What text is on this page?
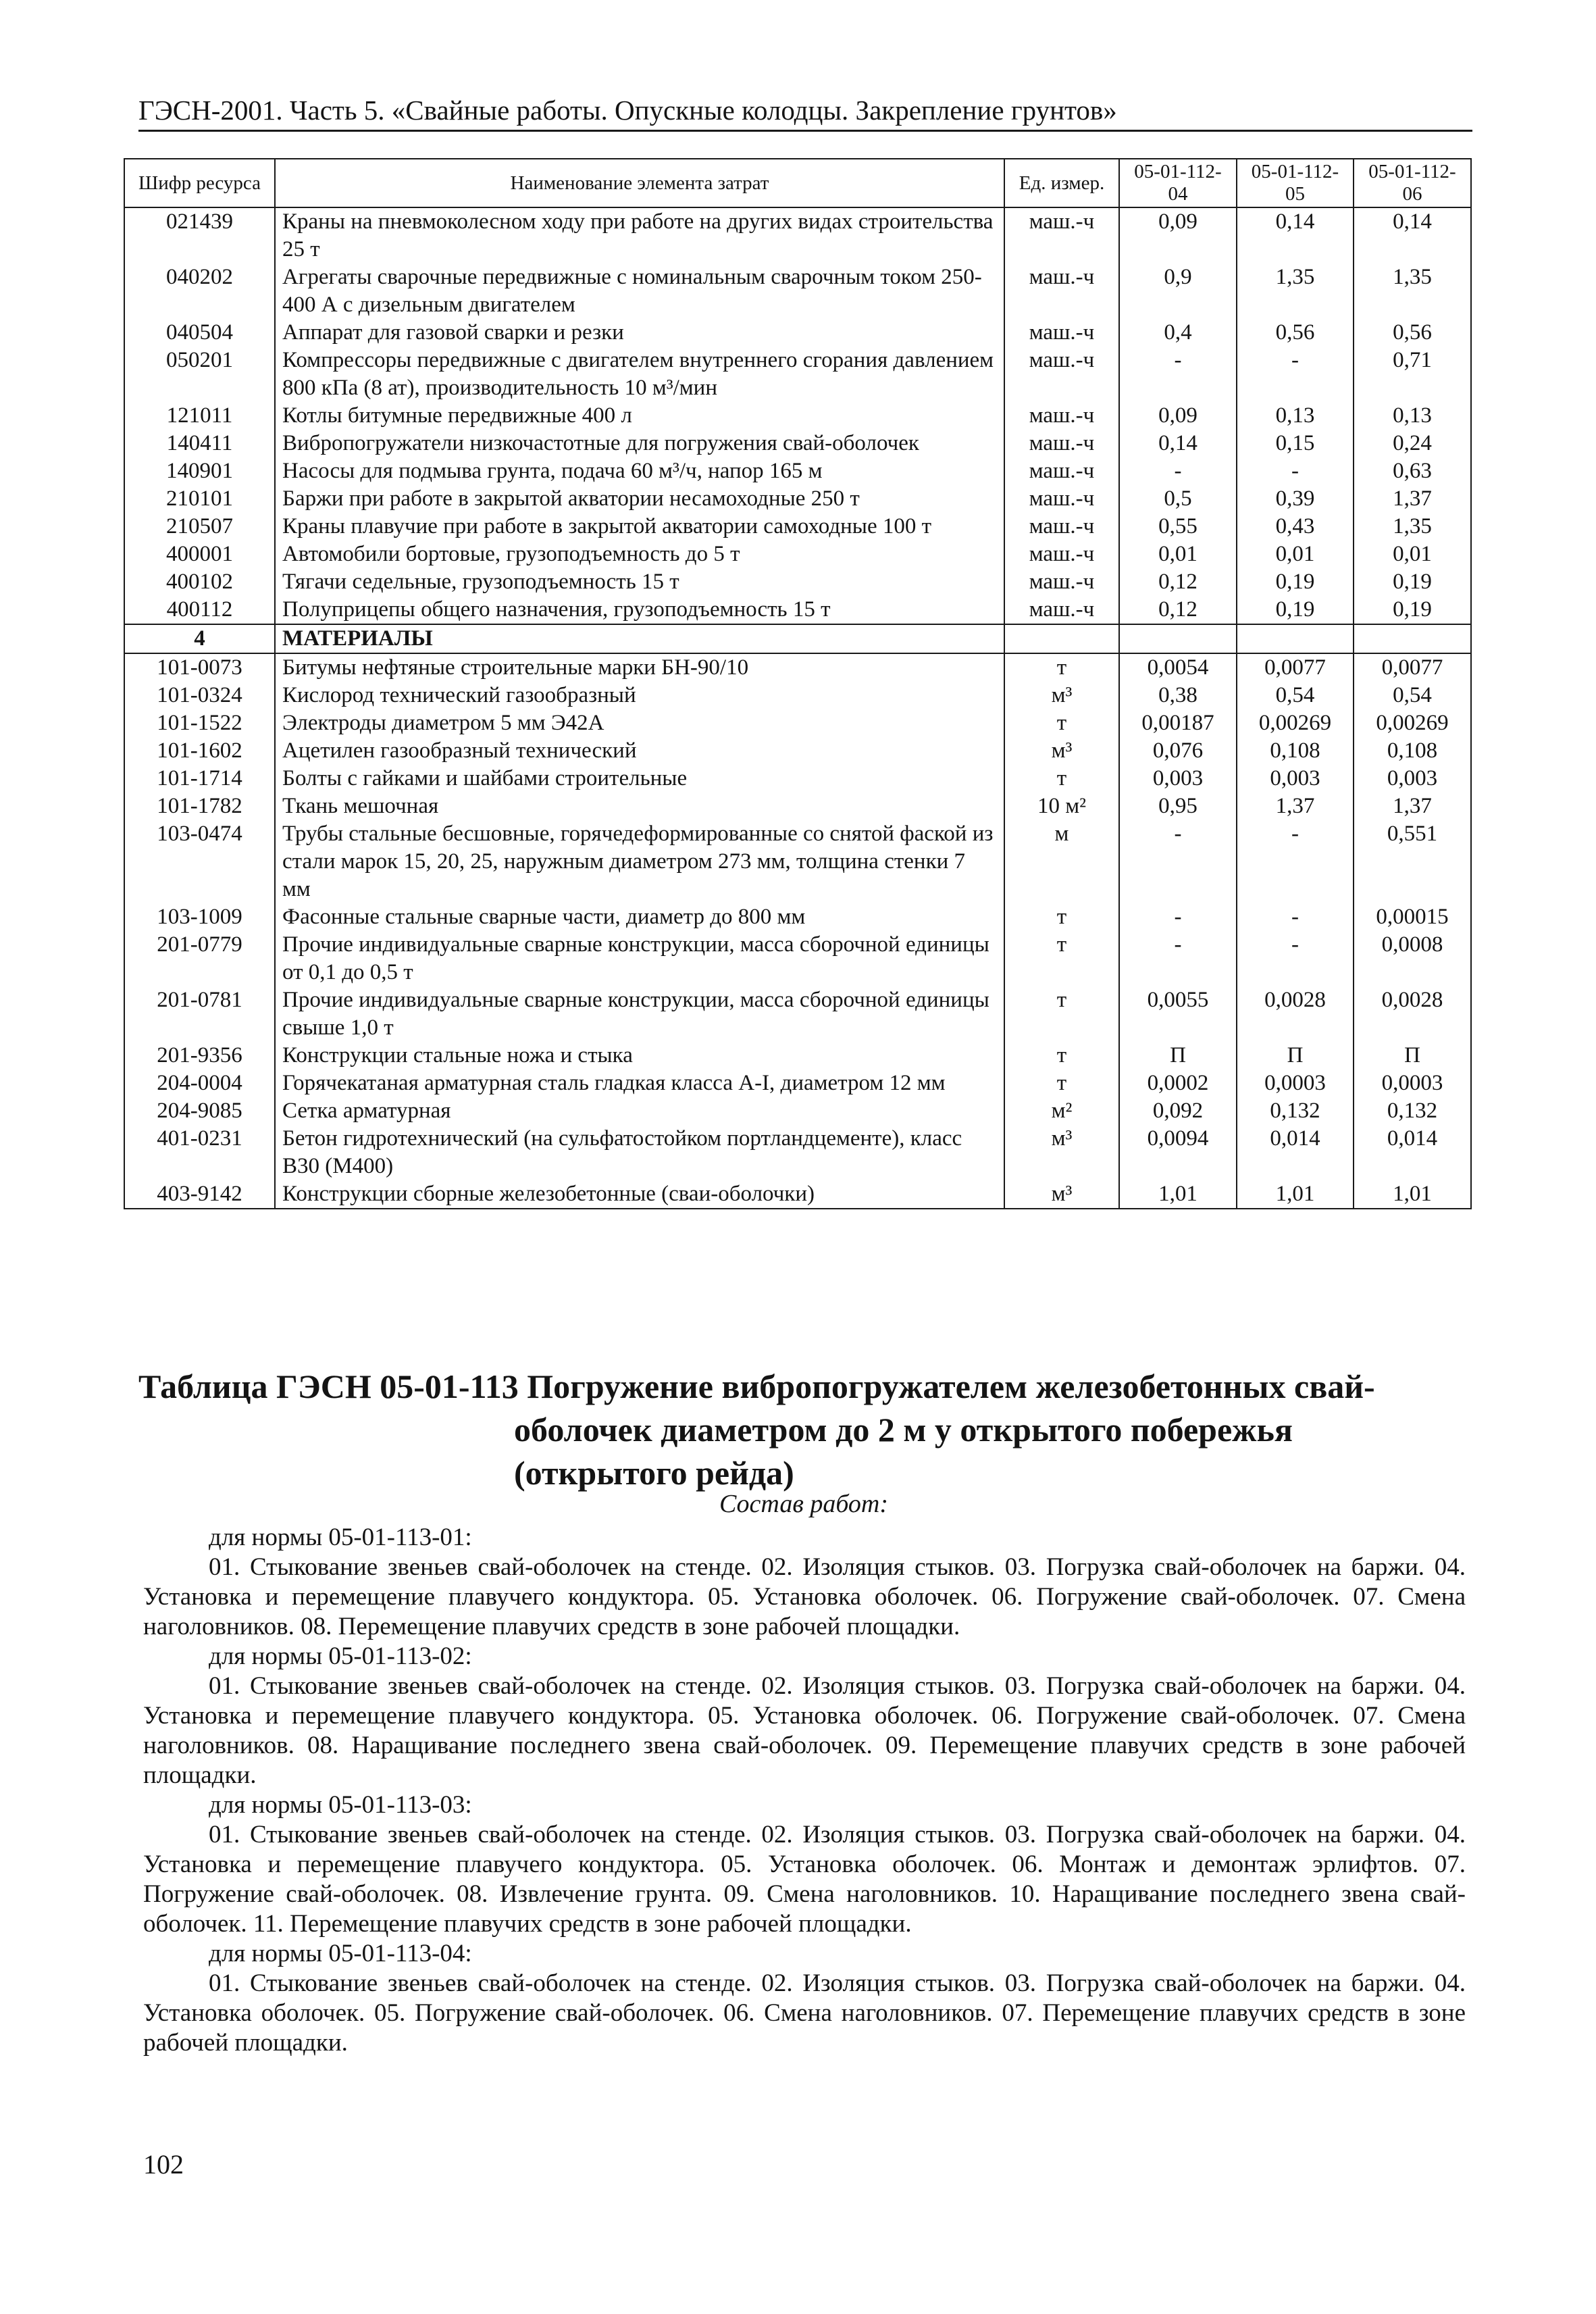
ГЭСН-2001. Часть 5. «Свайные работы. Опускные колодцы. Закрепление грунтов»
Шифр ресурса	Наименование элемента затрат	Ед. измер.	05-01-112-04	05-01-112-05	05-01-112-06
021439	Краны на пневмоколесном ходу при работе на других видах строительства 25 т	маш.-ч	0,09	0,14	0,14
040202	Агрегаты сварочные передвижные с номинальным сварочным током 250-400 А с дизельным двигателем	маш.-ч	0,9	1,35	1,35
040504	Аппарат для газовой сварки и резки	маш.-ч	0,4	0,56	0,56
050201	Компрессоры передвижные с двигателем внутреннего сгорания давлением 800 кПа (8 ат), производительность 10 м³/мин	маш.-ч	-	-	0,71
121011	Котлы битумные передвижные 400 л	маш.-ч	0,09	0,13	0,13
140411	Вибропогружатели низкочастотные для погружения свай-оболочек	маш.-ч	0,14	0,15	0,24
140901	Насосы для подмыва грунта, подача 60 м³/ч, напор 165 м	маш.-ч	-	-	0,63
210101	Баржи при работе в закрытой акватории несамоходные 250 т	маш.-ч	0,5	0,39	1,37
210507	Краны плавучие при работе в закрытой акватории самоходные 100 т	маш.-ч	0,55	0,43	1,35
400001	Автомобили бортовые, грузоподъемность до 5 т	маш.-ч	0,01	0,01	0,01
400102	Тягачи седельные, грузоподъемность 15 т	маш.-ч	0,12	0,19	0,19
400112	Полуприцепы общего назначения, грузоподъемность 15 т	маш.-ч	0,12	0,19	0,19
4	МАТЕРИАЛЫ				
101-0073	Битумы нефтяные строительные марки БН-90/10	т	0,0054	0,0077	0,0077
101-0324	Кислород технический газообразный	м³	0,38	0,54	0,54
101-1522	Электроды диаметром 5 мм Э42А	т	0,00187	0,00269	0,00269
101-1602	Ацетилен газообразный технический	м³	0,076	0,108	0,108
101-1714	Болты с гайками и шайбами строительные	т	0,003	0,003	0,003
101-1782	Ткань мешочная	10 м²	0,95	1,37	1,37
103-0474	Трубы стальные бесшовные, горячедеформированные со снятой фаской из стали марок 15, 20, 25, наружным диаметром 273 мм, толщина стенки 7 мм	м	-	-	0,551
103-1009	Фасонные стальные сварные части, диаметр до 800 мм	т	-	-	0,00015
201-0779	Прочие индивидуальные сварные конструкции, масса сборочной единицы от 0,1 до 0,5 т	т	-	-	0,0008
201-0781	Прочие индивидуальные сварные конструкции, масса сборочной единицы свыше 1,0 т	т	0,0055	0,0028	0,0028
201-9356	Конструкции стальные ножа и стыка	т	П	П	П
204-0004	Горячекатаная арматурная сталь гладкая класса А-I, диаметром 12 мм	т	0,0002	0,0003	0,0003
204-9085	Сетка арматурная	м²	0,092	0,132	0,132
401-0231	Бетон гидротехнический (на сульфатостойком портландцементе), класс В30 (М400)	м³	0,0094	0,014	0,014
403-9142	Конструкции сборные железобетонные (сваи-оболочки)	м³	1,01	1,01	1,01
Таблица ГЭСН 05-01-113 Погружение вибропогружателем железобетонных свай-
оболочек диаметром до 2 м у открытого побережья (открытого рейда)
Состав работ:
для нормы 05-01-113-01:
01. Стыкование звеньев свай-оболочек на стенде. 02. Изоляция стыков. 03. Погрузка свай-оболочек на баржи. 04. Установка и перемещение плавучего кондуктора. 05. Установка оболочек. 06. Погружение свай-оболочек. 07. Смена наголовников. 08. Перемещение плавучих средств в зоне рабочей площадки.
для нормы 05-01-113-02:
01. Стыкование звеньев свай-оболочек на стенде. 02. Изоляция стыков. 03. Погрузка свай-оболочек на баржи. 04. Установка и перемещение плавучего кондуктора. 05. Установка оболочек. 06. Погружение свай-оболочек. 07. Смена наголовников. 08. Наращивание последнего звена свай-оболочек. 09. Перемещение плавучих средств в зоне рабочей площадки.
для нормы 05-01-113-03:
01. Стыкование звеньев свай-оболочек на стенде. 02. Изоляция стыков. 03. Погрузка свай-оболочек на баржи. 04. Установка и перемещение плавучего кондуктора. 05. Установка оболочек. 06. Монтаж и демонтаж эрлифтов. 07. Погружение свай-оболочек. 08. Извлечение грунта. 09. Смена наголовников. 10. Наращивание последнего звена свай-оболочек. 11. Перемещение плавучих средств в зоне рабочей площадки.
для нормы 05-01-113-04:
01. Стыкование звеньев свай-оболочек на стенде. 02. Изоляция стыков. 03. Погрузка свай-оболочек на баржи. 04. Установка оболочек. 05. Погружение свай-оболочек. 06. Смена наголовников. 07. Перемещение плавучих средств в зоне рабочей площадки.
102
